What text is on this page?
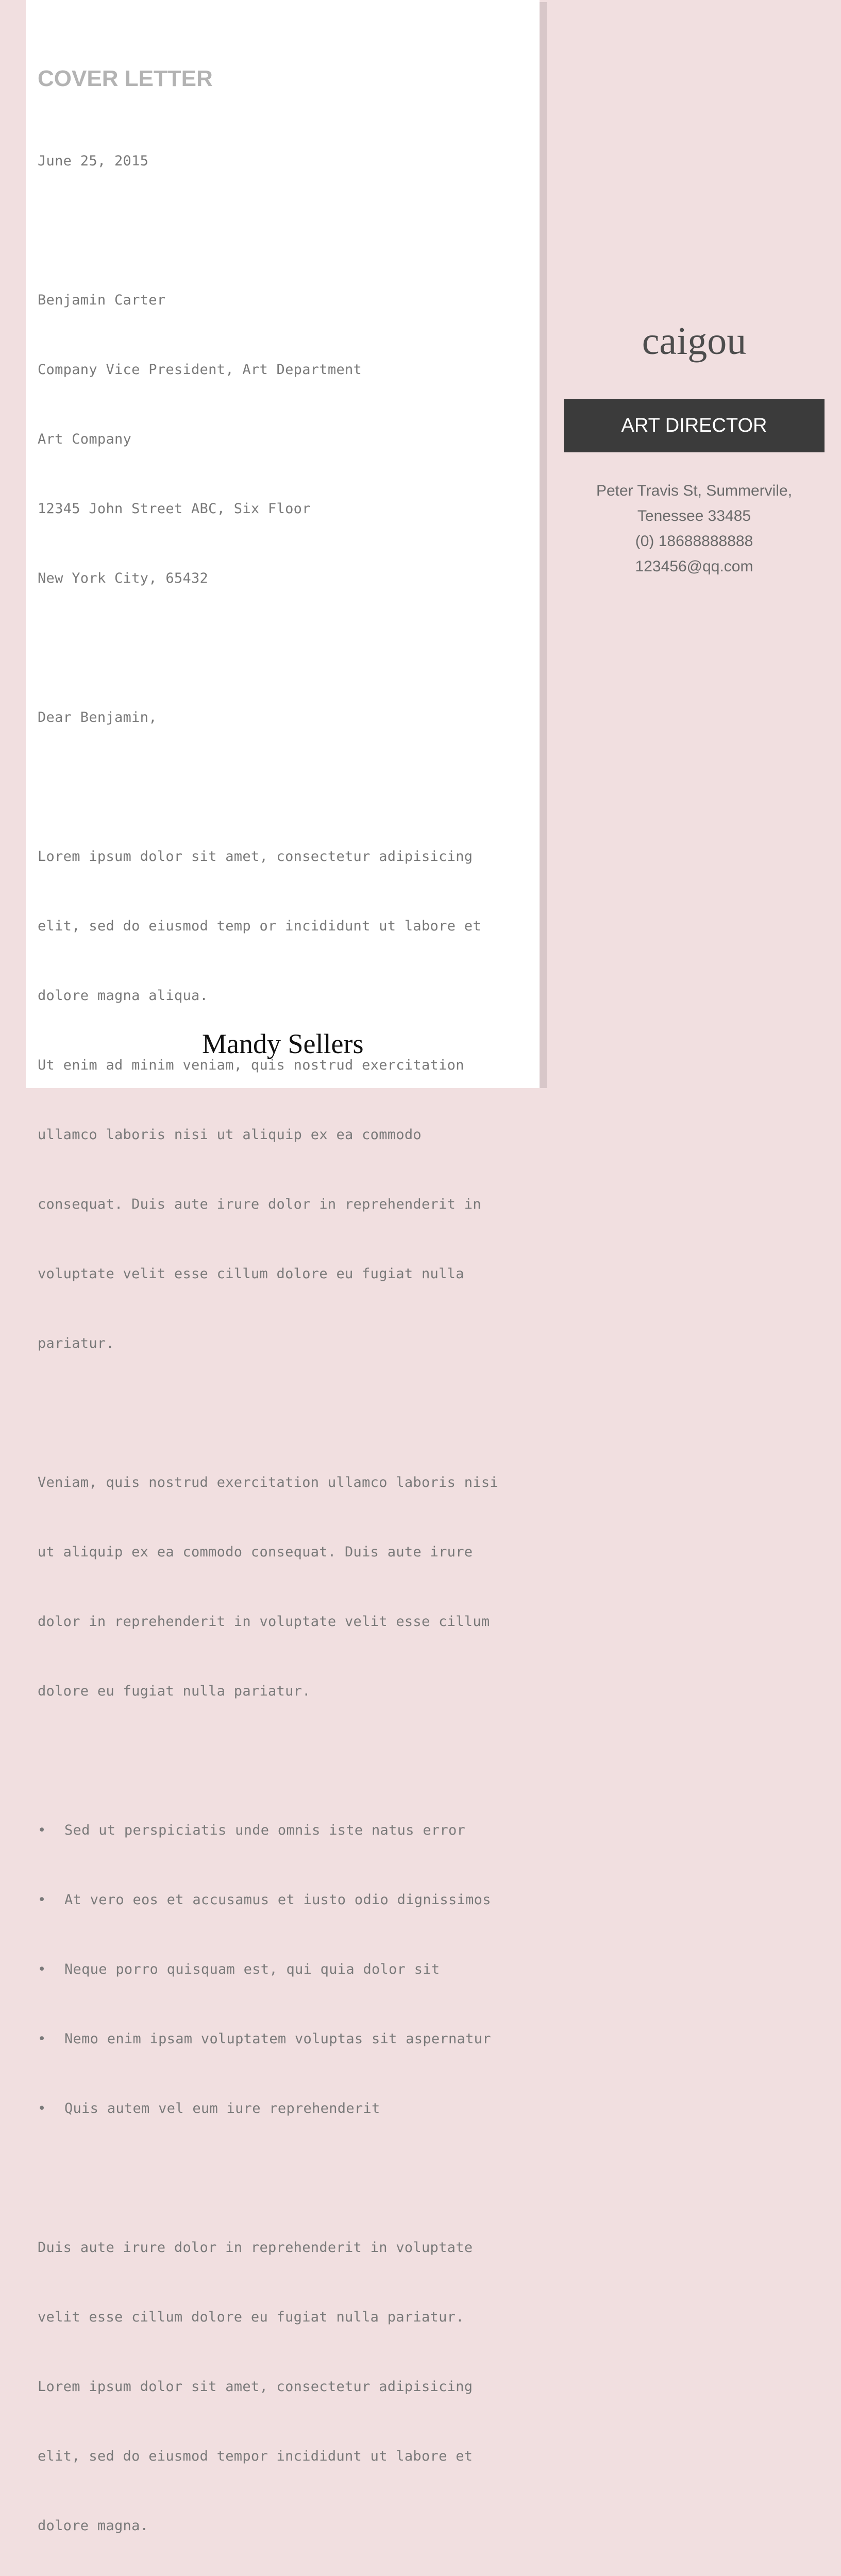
COVER LETTER

June 25, 2015

Benjamin Carter

Company Vice President, Art Department

Art Company

12345 John Street ABC, Six Floor

New York City, 65432

Dear Benjamin,

Lorem ipsum dolor sit amet, consectetur adipisicing

elit, sed do eiusmod temp or incididunt ut labore et

dolore magna aliqua.

Ut enim ad minim veniam, quis nostrud exercitation

ullamco laboris nisi ut aliquip ex ea commodo

consequat. Duis aute irure dolor in reprehenderit in

voluptate velit esse cillum dolore eu fugiat nulla

pariatur.

Veniam, quis nostrud exercitation ullamco laboris nisi

ut aliquip ex ea commodo consequat. Duis aute irure

dolor in reprehenderit in voluptate velit esse cillum

dolore eu fugiat nulla pariatur.

• Sed ut perspiciatis unde omnis iste natus error

• At vero eos et accusamus et iusto odio dignissimos

• Neque porro quisquam est, qui quia dolor sit

• Nemo enim ipsam voluptatem voluptas sit aspernatur

• Quis autem vel eum iure reprehenderit

Duis aute irure dolor in reprehenderit in voluptate

velit esse cillum dolore eu fugiat nulla pariatur.

Lorem ipsum dolor sit amet, consectetur adipisicing

elit, sed do eiusmod tempor incididunt ut labore et

dolore magna.

Mandy Sellers
caigou
ART DIRECTOR
Peter Travis St, Summervile,
Tenessee 33485
(0) 18688888888
123456@qq.com
